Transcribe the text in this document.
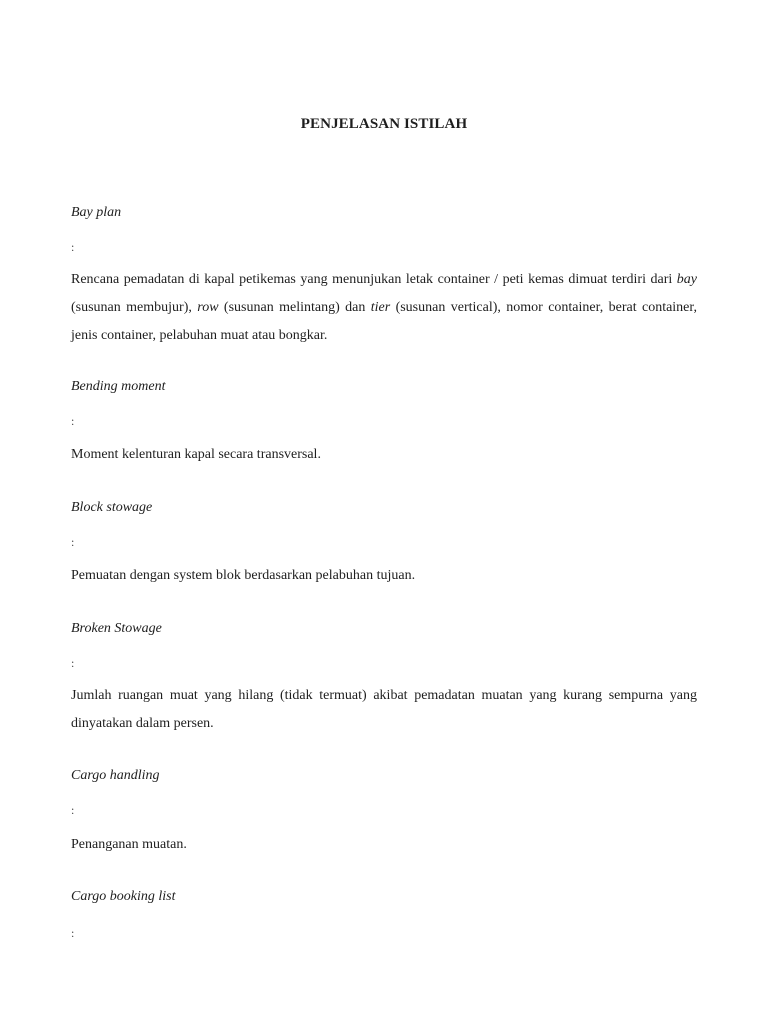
PENJELASAN ISTILAH

Bay plan

:

Rencana pemadatan di kapal petikemas yang menunjukan letak container / peti kemas dimuat terdiri dari bay (susunan membujur), row (susunan melintang) dan tier (susunan vertical), nomor container, berat container, jenis container, pelabuhan muat atau bongkar.

Bending moment

:

Moment kelenturan kapal secara transversal.

Block stowage

:

Pemuatan dengan system blok berdasarkan pelabuhan tujuan.

Broken Stowage

:

Jumlah ruangan muat yang hilang (tidak termuat) akibat pemadatan muatan yang kurang sempurna yang dinyatakan dalam persen.

Cargo handling

:

Penanganan muatan.

Cargo booking list

:
